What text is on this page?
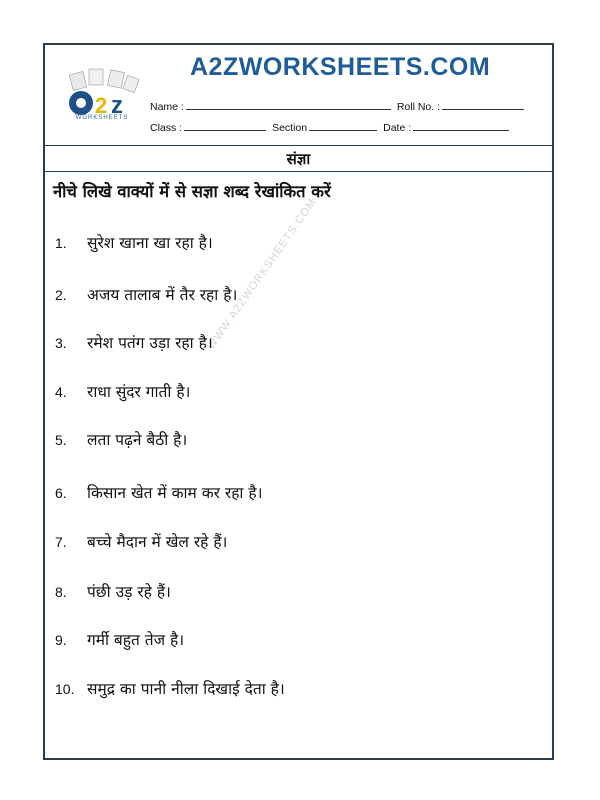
2 z
WORKSHEETS
A2ZWORKSHEETS.COM
Name :	Roll No. :
Class :	Section	Date :
संज्ञा
नीचे लिखे वाक्यों में से सज्ञा शब्द रेखांकित करें
WWW.A2ZWORKSHEETS.COM
1. सुरेश खाना खा रहा है।
2. अजय तालाब में तैर रहा है।
3. रमेश पतंग उड़ा रहा है।
4. राधा सुंदर गाती है।
5. लता पढ़ने बैठी है।
6. किसान खेत में काम कर रहा है।
7. बच्चे मैदान में खेल रहे हैं।
8. पंछी उड़ रहे हैं।
9. गर्मी बहुत तेज है।
10. समुद्र का पानी नीला दिखाई देता है।
